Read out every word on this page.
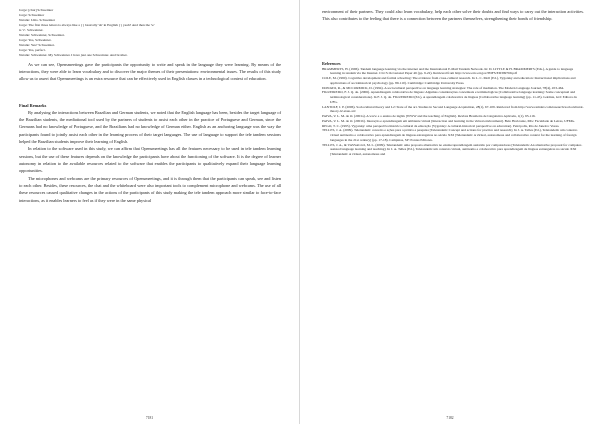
Jorge: [chat] Schweinter
Jorge: Schweinter
Natalie: Ums. Schweinter
Jorge: The first three letters is always like a {} basically 'sh' in English {} yeah? And then the 'w'
is 'v'. Schweinter.
Natalie: Schweinter, Schweinter.
Jorge: Yes, Schweinter.
Natalie: Yes? Schweinter.
Jorge: Yes, perfect.
Natalie: Schweinter. My Schweinter. I have just one Schweinter. And brother.

As we can see, Opensmeetings gave the participants the opportunity to write and speak in the language they were learning. By means of the interactions, they were able to learn vocabulary and to discover the major themes of their presentations: environmental issues. The results of this study allow us to assert that Opensmeetings is an extra resource that can be effectively used in English classes in a technological context of education.

Final Remarks

By analysing the interactions between Brazilian and German students, we noted that the English language has been, besides the target language of the Brazilian students, the mediational tool used by the partners of students to assist each other in the practice of Portuguese and German, since the Germans had no knowledge of Portuguese, and the Brazilians had no knowledge of German either. English as an anchoring language was the way the participants found to jointly assist each other in the learning process of their target languages. The use of language to support the tele tandem sessions helped the Brazilian students improve their learning of English.

In relation to the software used in this study, we can affirm that Opensmeetings has all the features necessary to be used in tele tandem learning sessions, but the use of these features depends on the knowledge the participants have about the functioning of the software. It is the degree of learner autonomy in relation to the available resources related to the software that enables the participants to qualitatively expand their language learning opportunities.

The microphones and webcams are the primary resources of Opensmeetings, and it is through them that the participants can speak, see and listen to each other. Besides, these resources, the chat and the whiteboard were also important tools to complement microphone and webcams. The use of all these resources caused qualitative changes in the actions of the participants of this study making the tele tandem approach more similar to face-to-face interactions, as it enables learners to feel as if they were in the same physical

7181

environment of their partners. They could also learn vocabulary, help each other solve their doubts and find ways to carry out the interaction activities. This also contributes to the feeling that there is a connection between the partners themselves, strengthening their bonds of friendship.

References

BRAMMERTS, H. (1996). Tandem language learning via the internet and the International E-Mail Tandem Network. In: D. LITTLE & H. BRAMMERTS (Eds.), A guide to language learning in tandem via the Internet. CLCS Occasional Paper 46 (pp. 9-22). Retrieved from http://www.eric.ed.gov/PDFS/ED399769.pdf
COLE, M. (1990). Cognitive development and formal schooling: The evidence from cross-cultural research. In L. C. Moll (Ed.), Vygotsky and education: Instructional implications and applications of sociohistorical psychology (pp. 89-110). Cambridge: Cambridge University Press.
DONATO, R., & MCCORMICK, D. (1994). A sociocultural perspective on language learning strategies: The role of mediation. The Modern Language Journal, 78(4), 453-464.
FIGUEIREDO, F. J. Q. de. (2006). Aprendizagem colaborativa de línguas: Algumas considerações conceituais e terminológicas [Collaborative language learning: Some conceptual and terminological considerations]. In F. J. Q. de. FIGUEIREDO (Ed.), A aprendizagem colaborativa de línguas [Collaborative language learning] (pp. 11-45). Goiânia, GO: Editora da UFG.
LANTOLF, J. P. (2006). Sociocultural theory and L2: State of the art. Studies in Second Language Acquisition, 28(1), 67-109. Retrieved from http://www.ramdev.com/research/sociocultural-theory-l2-state-art/
PAIVA, V. L. M. de O. (2001a). A www e o ensino de inglês [WWW and the teaching of English]. Revista Brasileira de Linguística Aplicada, 1(1), 93-116.
PAIVA, V. L. M. de O. (2001b). Interação e aprendizagem em ambiente virtual [Interaction and learning in the virtual environment]. Belo Horizonte, MG: Faculdade de Letras, UFMG.
REGO, T. C. (1995). Vygotsky: uma perspectiva histórico-cultural da educação [Vygotsky: A cultural-historical perspective on education]. Petrópolis, Rio de Janeiro: Vozes.
TELLES, J. A. (2009). Teletandem: conceito e ações para a prática e pesquisa [Teletandem: Concept and actions for practice and research]. In J. A. Telles (Ed.), Teletandem: um contexto virtual autônomo e colaborativo para aprendizagem de línguas estrangeiras no século XXI [Teletandem: A virtual, autonomous and collaborative context for the learning of foreign languages in the 21st century] (pp. 17-18). Campinas, SP: Pontes Editores.
TELLES, J. A., & VASSALLO, M. L. (2009). Teletandem: uma proposta alternativa no ensino/aprendizagem assistido por computadores [Teletandem: An alternative proposal for computer-assisted language learning and teaching]. In J. A. Telles (Ed.), Teletandem: um contexto virtual, autônomo e colaborativo para aprendizagem de línguas estrangeiras no século XXI [Teletandem: A virtual, autonomous and
7182
